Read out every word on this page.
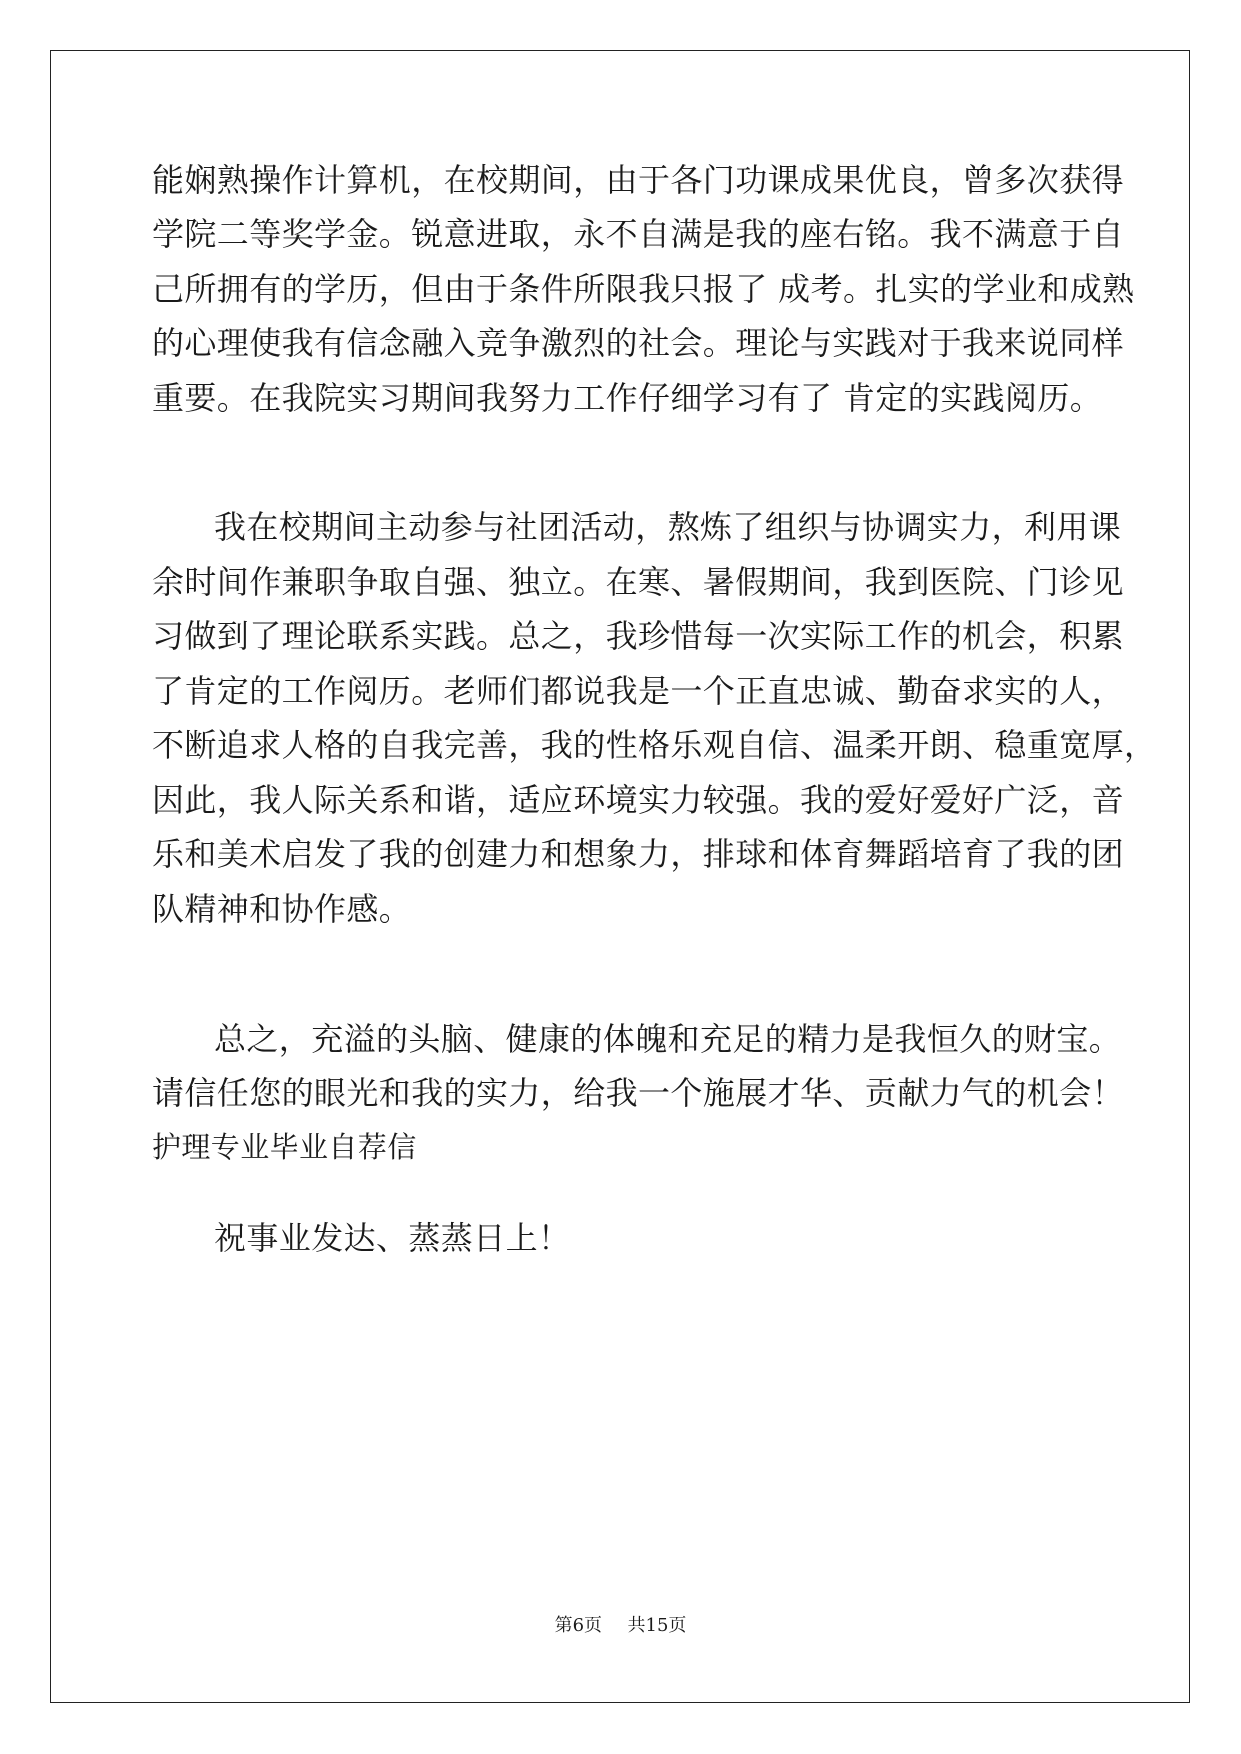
能娴熟操作计算机，在校期间，由于各门功课成果优良，曾多次获得
学院二等奖学金。锐意进取，永不自满是我的座右铭。我不满意于自
己所拥有的学历，但由于条件所限我只报了 成考。扎实的学业和成熟
的心理使我有信念融入竞争激烈的社会。理论与实践对于我来说同样
重要。在我院实习期间我努力工作仔细学习有了 肯定的实践阅历。
我在校期间主动参与社团活动，熬炼了组织与协调实力，利用课
余时间作兼职争取自强、独立。在寒、暑假期间，我到医院、门诊见
习做到了理论联系实践。总之，我珍惜每一次实际工作的机会，积累
了肯定的工作阅历。老师们都说我是一个正直忠诚、勤奋求实的人，
不断追求人格的自我完善，我的性格乐观自信、温柔开朗、稳重宽厚，
因此，我人际关系和谐，适应环境实力较强。我的爱好爱好广泛，音
乐和美术启发了我的创建力和想象力，排球和体育舞蹈培育了我的团
队精神和协作感。
总之，充溢的头脑、健康的体魄和充足的精力是我恒久的财宝。
请信任您的眼光和我的实力，给我一个施展才华、贡献力气的机会！
护理专业毕业自荐信
祝事业发达、蒸蒸日上！
第6页 共15页
